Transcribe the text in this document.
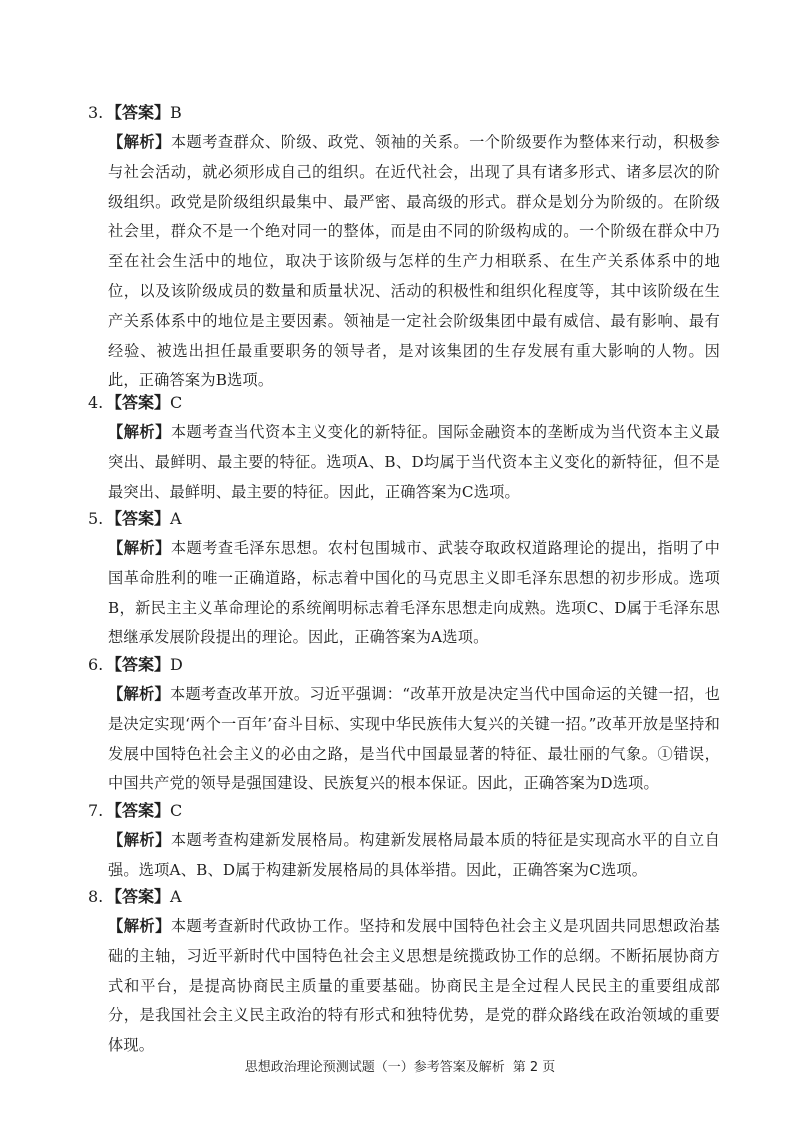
3. 【答案】B
【解析】本题考查群众、阶级、政党、领袖的关系。一个阶级要作为整体来行动，积极参与社会活动，就必须形成自己的组织。在近代社会，出现了具有诸多形式、诸多层次的阶级组织。政党是阶级组织最集中、最严密、最高级的形式。群众是划分为阶级的。在阶级社会里，群众不是一个绝对同一的整体，而是由不同的阶级构成的。一个阶级在群众中乃至在社会生活中的地位，取决于该阶级与怎样的生产力相联系、在生产关系体系中的地位，以及该阶级成员的数量和质量状况、活动的积极性和组织化程度等，其中该阶级在生产关系体系中的地位是主要因素。领袖是一定社会阶级集团中最有威信、最有影响、最有经验、被选出担任最重要职务的领导者，是对该集团的生存发展有重大影响的人物。因此，正确答案为B选项。
4. 【答案】C
【解析】本题考查当代资本主义变化的新特征。国际金融资本的垄断成为当代资本主义最突出、最鲜明、最主要的特征。选项A、B、D均属于当代资本主义变化的新特征，但不是最突出、最鲜明、最主要的特征。因此，正确答案为C选项。
5. 【答案】A
【解析】本题考查毛泽东思想。农村包围城市、武装夺取政权道路理论的提出，指明了中国革命胜利的唯一正确道路，标志着中国化的马克思主义即毛泽东思想的初步形成。选项B，新民主主义革命理论的系统阐明标志着毛泽东思想走向成熟。选项C、D属于毛泽东思想继承发展阶段提出的理论。因此，正确答案为A选项。
6. 【答案】D
【解析】本题考查改革开放。习近平强调：“改革开放是决定当代中国命运的关键一招，也是决定实现‘两个一百年’奋斗目标、实现中华民族伟大复兴的关键一招。”改革开放是坚持和发展中国特色社会主义的必由之路，是当代中国最显著的特征、最壮丽的气象。①错误，中国共产党的领导是强国建设、民族复兴的根本保证。因此，正确答案为D选项。
7. 【答案】C
【解析】本题考查构建新发展格局。构建新发展格局最本质的特征是实现高水平的自立自强。选项A、B、D属于构建新发展格局的具体举措。因此，正确答案为C选项。
8. 【答案】A
【解析】本题考查新时代政协工作。坚持和发展中国特色社会主义是巩固共同思想政治基础的主轴，习近平新时代中国特色社会主义思想是统揽政协工作的总纲。不断拓展协商方式和平台，是提高协商民主质量的重要基础。协商民主是全过程人民民主的重要组成部分，是我国社会主义民主政治的特有形式和独特优势，是党的群众路线在政治领域的重要体现。
思想政治理论预测试题（一）参考答案及解析 第 2 页
